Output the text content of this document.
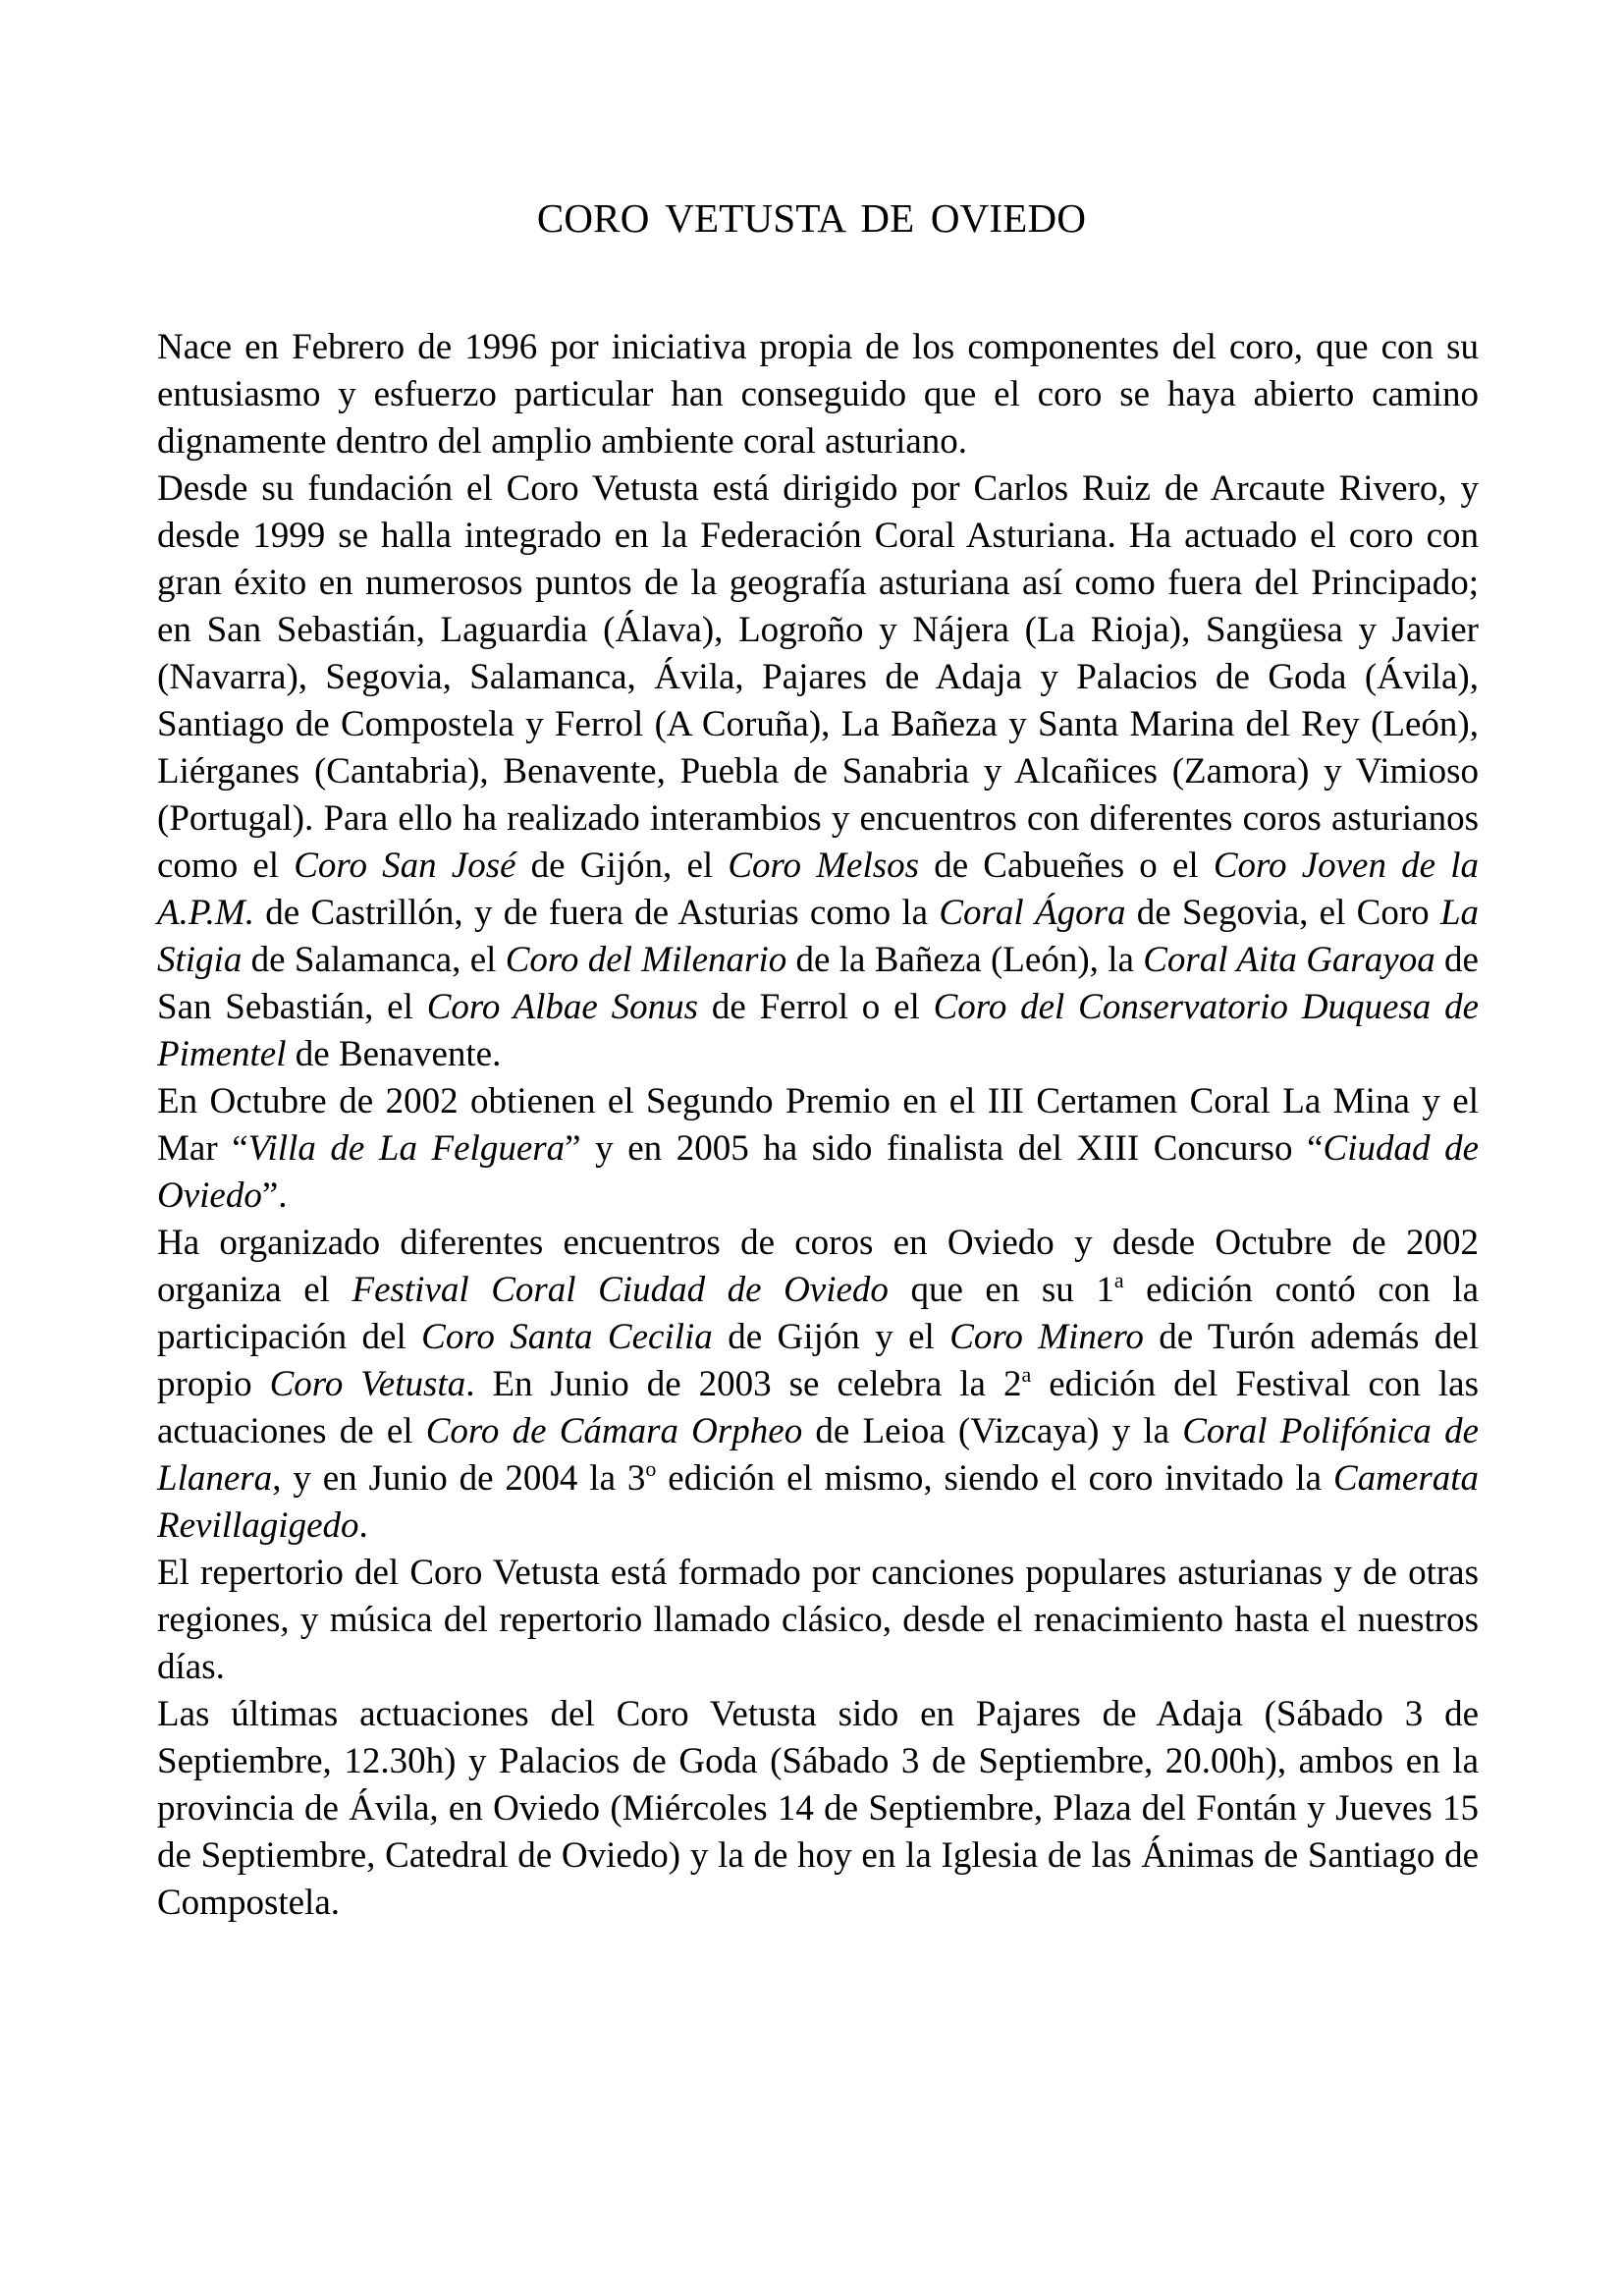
CORO VETUSTA DE OVIEDO

Nace en Febrero de 1996 por iniciativa propia de los componentes del coro, que con su entusiasmo y esfuerzo particular han conseguido que el coro se haya abierto camino dignamente dentro del amplio ambiente coral asturiano.

Desde su fundación el Coro Vetusta está dirigido por Carlos Ruiz de Arcaute Rivero, y desde 1999 se halla integrado en la Federación Coral Asturiana. Ha actuado el coro con gran éxito en numerosos puntos de la geografía asturiana así como fuera del Principado; en San Sebastián, Laguardia (Álava), Logroño y Nájera (La Rioja), Sangüesa y Javier (Navarra), Segovia, Salamanca, Ávila, Pajares de Adaja y Palacios de Goda (Ávila), Santiago de Compostela y Ferrol (A Coruña), La Bañeza y Santa Marina del Rey (León), Liérganes (Cantabria), Benavente, Puebla de Sanabria y Alcañices (Zamora) y Vimioso (Portugal). Para ello ha realizado interambios y encuentros con diferentes coros asturianos como el Coro San José de Gijón, el Coro Melsos de Cabueñes o el Coro Joven de la A.P.M. de Castrillón, y de fuera de Asturias como la Coral Ágora de Segovia, el Coro La Stigia de Salamanca, el Coro del Milenario de la Bañeza (León), la Coral Aita Garayoa de San Sebastián, el Coro Albae Sonus de Ferrol o el Coro del Conservatorio Duquesa de Pimentel de Benavente.

En Octubre de 2002 obtienen el Segundo Premio en el III Certamen Coral La Mina y el Mar “Villa de La Felguera” y en 2005 ha sido finalista del XIII Concurso “Ciudad de Oviedo”.

Ha organizado diferentes encuentros de coros en Oviedo y desde Octubre de 2002 organiza el Festival Coral Ciudad de Oviedo que en su 1$^a$ edición contó con la participación del Coro Santa Cecilia de Gijón y el Coro Minero de Turón además del propio Coro Vetusta. En Junio de 2003 se celebra la 2$^a$ edición del Festival con las actuaciones de el Coro de Cámara Orpheo de Leioa (Vizcaya) y la Coral Polifónica de Llanera, y en Junio de 2004 la 3$^o$ edición el mismo, siendo el coro invitado la Camerata Revillagigedo.

El repertorio del Coro Vetusta está formado por canciones populares asturianas y de otras regiones, y música del repertorio llamado clásico, desde el renacimiento hasta el nuestros días.

Las últimas actuaciones del Coro Vetusta sido en Pajares de Adaja (Sábado 3 de Septiembre, 12.30h) y Palacios de Goda (Sábado 3 de Septiembre, 20.00h), ambos en la provincia de Ávila, en Oviedo (Miércoles 14 de Septiembre, Plaza del Fontán y Jueves 15 de Septiembre, Catedral de Oviedo) y la de hoy en la Iglesia de las Ánimas de Santiago de Compostela.
